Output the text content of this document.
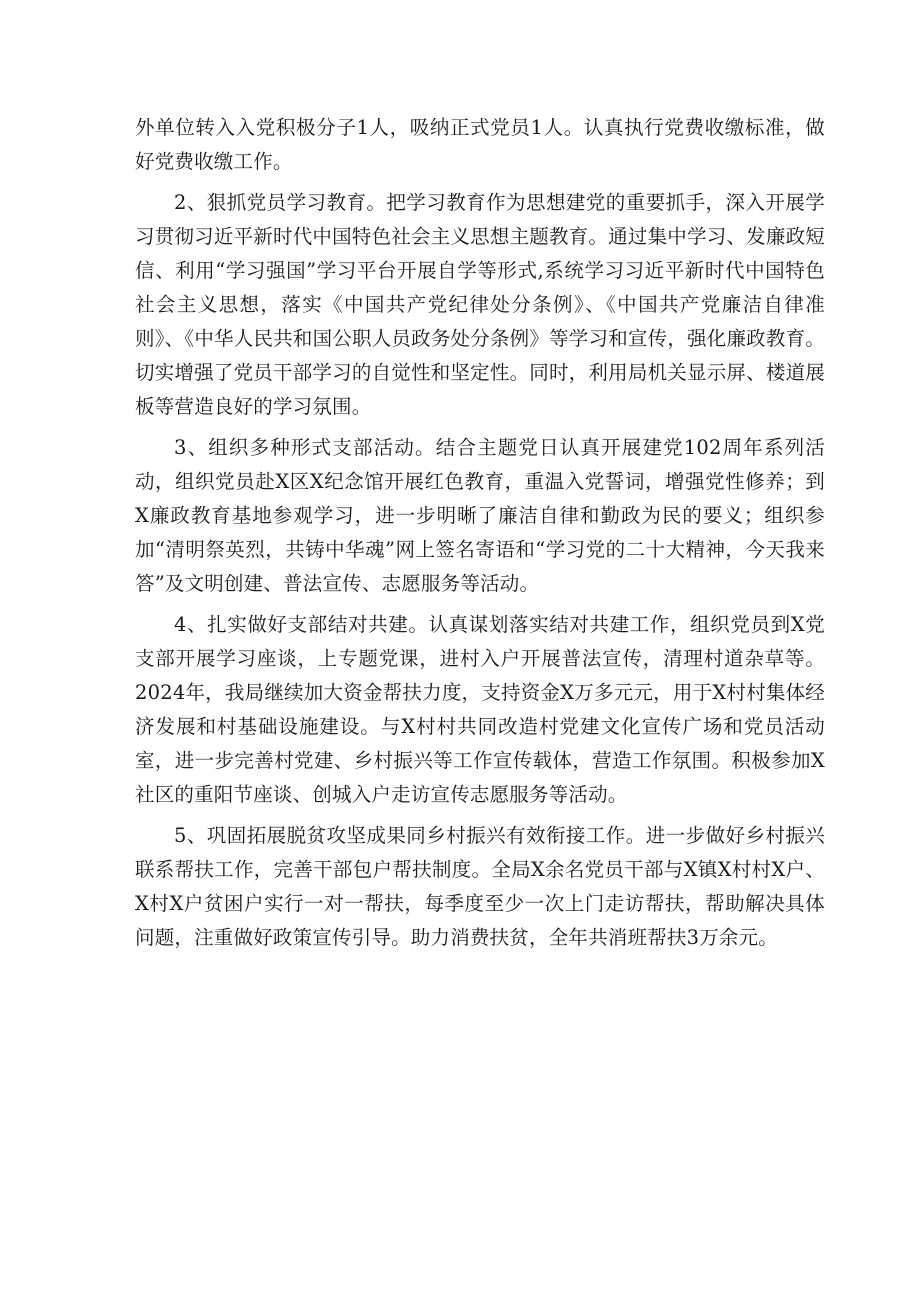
外单位转入入党积极分子1人，吸纳正式党员1人。认真执行党费收缴标准，做好党费收缴工作。

2、狠抓党员学习教育。把学习教育作为思想建党的重要抓手，深入开展学习贯彻习近平新时代中国特色社会主义思想主题教育。通过集中学习、发廉政短信、利用“学习强国”学习平台开展自学等形式,系统学习习近平新时代中国特色社会主义思想，落实《中国共产党纪律处分条例》、《中国共产党廉洁自律准则》、《中华人民共和国公职人员政务处分条例》等学习和宣传，强化廉政教育。切实增强了党员干部学习的自觉性和坚定性。同时，利用局机关显示屏、楼道展板等营造良好的学习氛围。

3、组织多种形式支部活动。结合主题党日认真开展建党102周年系列活动，组织党员赴X区X纪念馆开展红色教育，重温入党誓词，增强党性修养；到X廉政教育基地参观学习，进一步明晰了廉洁自律和勤政为民的要义；组织参加“清明祭英烈，共铸中华魂”网上签名寄语和“学习党的二十大精神，今天我来答”及文明创建、普法宣传、志愿服务等活动。

4、扎实做好支部结对共建。认真谋划落实结对共建工作，组织党员到X党支部开展学习座谈，上专题党课，进村入户开展普法宣传，清理村道杂草等。2024年，我局继续加大资金帮扶力度，支持资金X万多元元，用于X村村集体经济发展和村基础设施建设。与X村村共同改造村党建文化宣传广场和党员活动室，进一步完善村党建、乡村振兴等工作宣传载体，营造工作氛围。积极参加X社区的重阳节座谈、创城入户走访宣传志愿服务等活动。

5、巩固拓展脱贫攻坚成果同乡村振兴有效衔接工作。进一步做好乡村振兴联系帮扶工作，完善干部包户帮扶制度。全局X余名党员干部与X镇X村村X户、X村X户贫困户实行一对一帮扶，每季度至少一次上门走访帮扶，帮助解决具体问题，注重做好政策宣传引导。助力消费扶贫，全年共消班帮扶3万余元。
